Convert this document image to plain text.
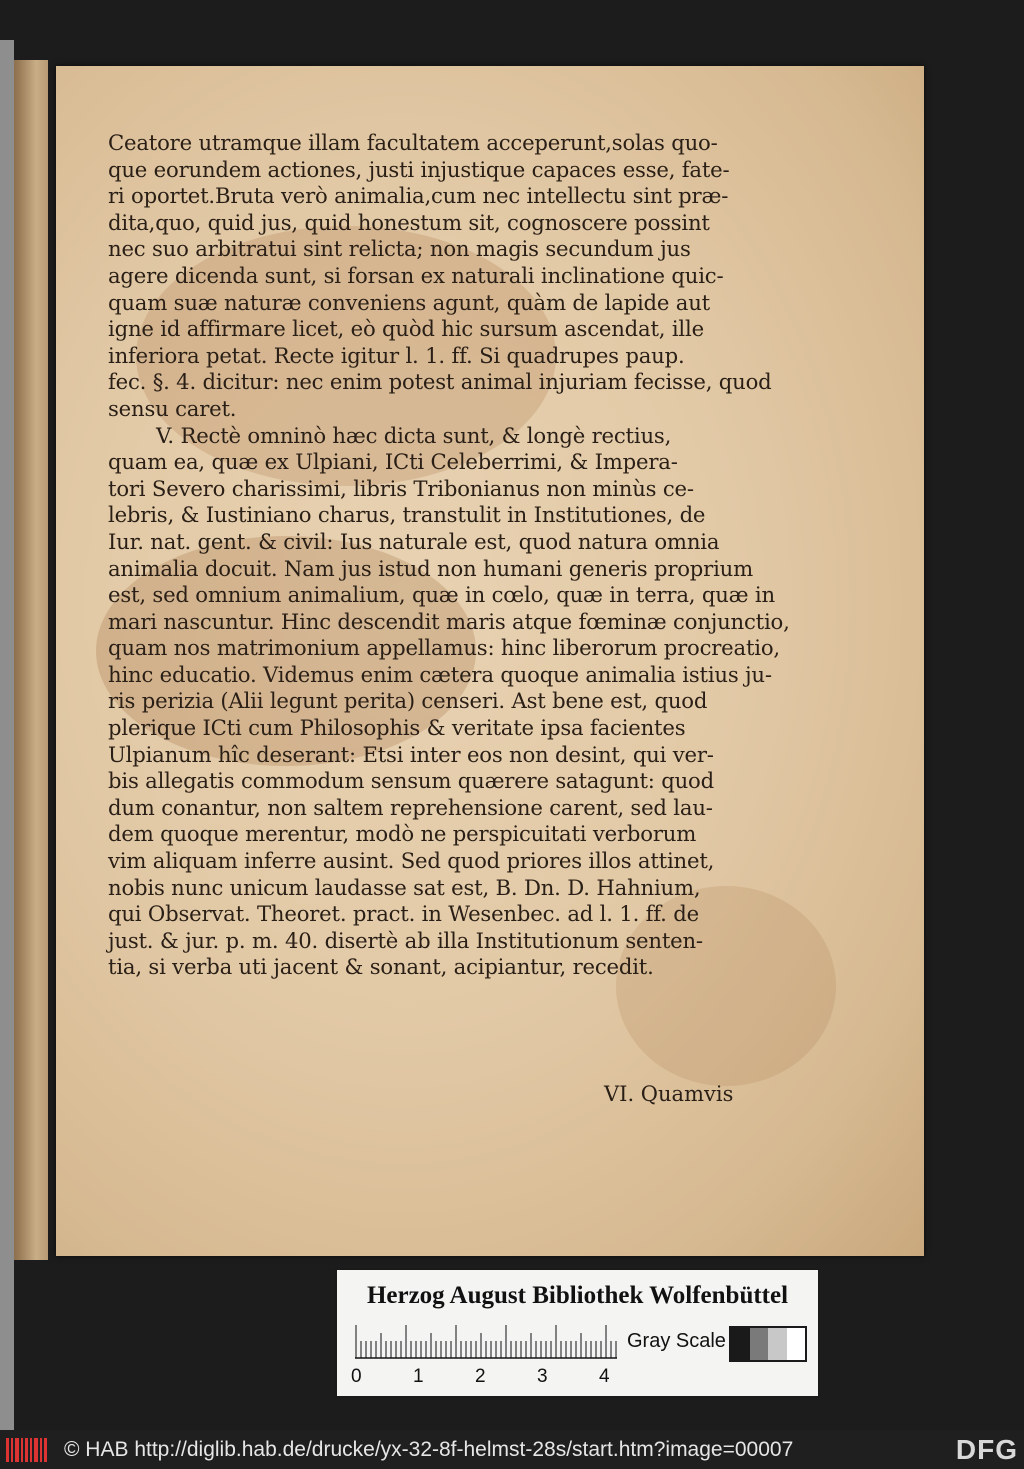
Ceatore utramque illam facultatem acceperunt,solas quo-
que eorundem actiones, justi injustique capaces esse, fate-
ri oportet.Bruta verò animalia,cum nec intellectu sint præ-
dita,quo, quid jus, quid honestum sit, cognoscere possint
nec suo arbitratui sint relicta; non magis secundum jus
agere dicenda sunt, si forsan ex naturali inclinatione quic-
quam suæ naturæ conveniens agunt, quàm de lapide aut
igne id affirmare licet, eò quòd hic sursum ascendat, ille
inferiora petat. Recte igitur l. 1. ff. Si quadrupes paup.
fec. §. 4. dicitur: nec enim potest animal injuriam fecisse, quod
sensu caret.
V. Rectè omninò hæc dicta sunt, & longè rectius,
quam ea, quæ ex Ulpiani, ICti Celeberrimi, & Impera-
tori Severo charissimi, libris Tribonianus non minùs ce-
lebris, & Iustiniano charus, transtulit in Institutiones, de
Iur. nat. gent. & civil: Ius naturale est, quod natura omnia
animalia docuit. Nam jus istud non humani generis proprium
est, sed omnium animalium, quæ in cœlo, quæ in terra, quæ in
mari nascuntur. Hinc descendit maris atque fœminæ conjunctio,
quam nos matrimonium appellamus: hinc liberorum procreatio,
hinc educatio. Videmus enim cætera quoque animalia istius ju-
ris perizia (Alii legunt perita) censeri. Ast bene est, quod
plerique ICti cum Philosophis & veritate ipsa facientes
Ulpianum hîc deserant: Etsi inter eos non desint, qui ver-
bis allegatis commodum sensum quærere satagunt: quod
dum conantur, non saltem reprehensione carent, sed lau-
dem quoque merentur, modò ne perspicuitati verborum
vim aliquam inferre ausint. Sed quod priores illos attinet,
nobis nunc unicum laudasse sat est, B. Dn. D. Hahnium,
qui Observat. Theoret. pract. in Wesenbec. ad l. 1. ff. de
just. & jur. p. m. 40. disertè ab illa Institutionum senten-
tia, si verba uti jacent & sonant, acipiantur, recedit.
VI. Quamvis
Herzog August Bibliothek Wolfenbüttel
0	1	2	3	4
Gray Scale
© HAB http://diglib.hab.de/drucke/yx-32-8f-helmst-28s/start.htm?image=00007	DFG
